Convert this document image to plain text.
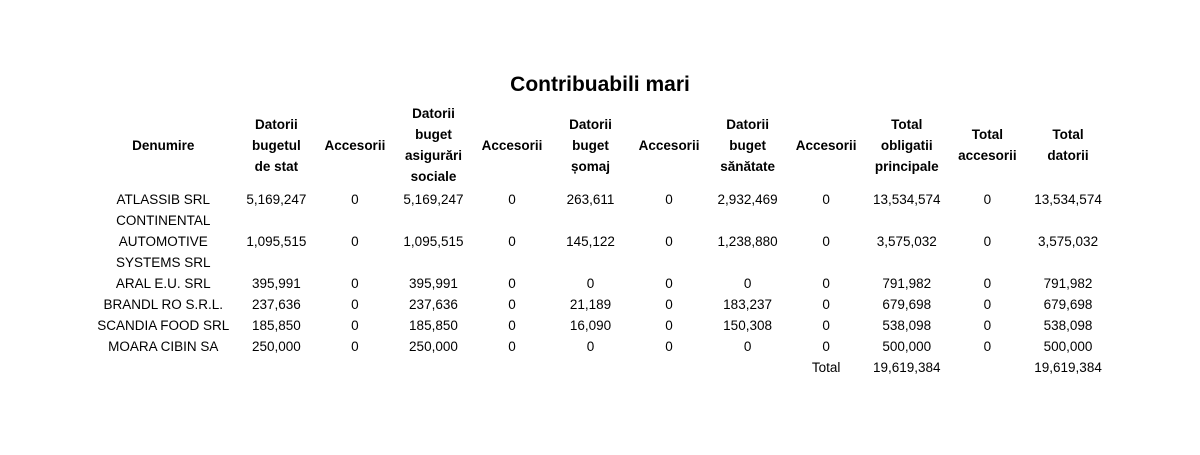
Contribuabili mari
Denumire	Datorii
bugetul
de stat	Accesorii	Datorii
buget
asigurări
sociale	Accesorii	Datorii
buget
șomaj	Accesorii	Datorii
buget
sănătate	Accesorii	Total
obligatii
principale	Total
accesorii	Total
datorii
ATLASSIB SRL	5,169,247	0	5,169,247	0	263,611	0	2,932,469	0	13,534,574	0	13,534,574
CONTINENTAL
AUTOMOTIVE
SYSTEMS SRL	1,095,515	0	1,095,515	0	145,122	0	1,238,880	0	3,575,032	0	3,575,032
ARAL E.U. SRL	395,991	0	395,991	0	0	0	0	0	791,982	0	791,982
BRANDL RO S.R.L.	237,636	0	237,636	0	21,189	0	183,237	0	679,698	0	679,698
SCANDIA FOOD SRL	185,850	0	185,850	0	16,090	0	150,308	0	538,098	0	538,098
MOARA CIBIN SA	250,000	0	250,000	0	0	0	0	0	500,000	0	500,000
								Total	19,619,384		19,619,384
